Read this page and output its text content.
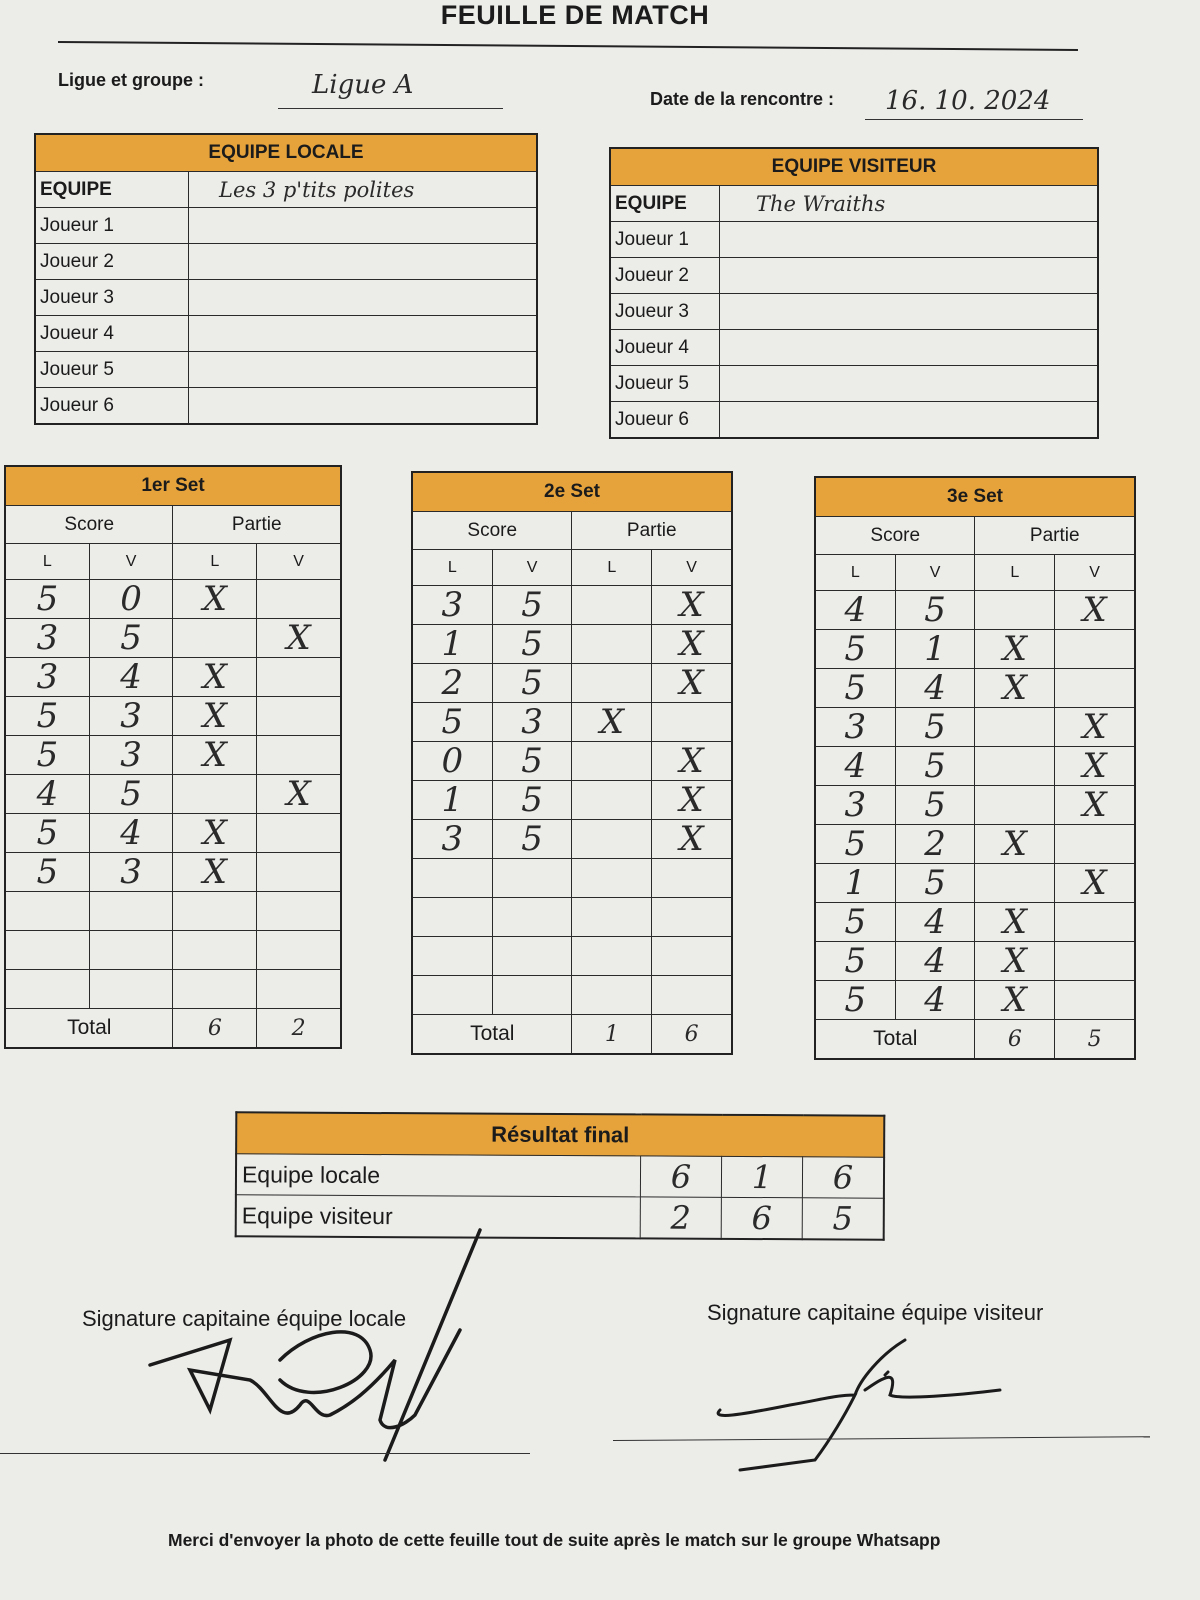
FEUILLE DE MATCH
Ligue et groupe :	Ligue A	Date de la rencontre : 16. 10. 2024
EQUIPE LOCALE	
EQUIPE	Les 3 p'tits polites
Joueur 1	
Joueur 2	
Joueur 3	
Joueur 4	
Joueur 5	
Joueur 6	
EQUIPE VISITEUR	
EQUIPE	The Wraiths
Joueur 1	
Joueur 2	
Joueur 3	
Joueur 4	
Joueur 5	
Joueur 6	
1er Set			
Score		Partie	
L	V	L	V
5	0	X	
3	5		X
3	4	X	
5	3	X	
5	3	X	
4	5		X
5	4	X	
5	3	X	

Total		6	2
2e Set			
Score		Partie	
L	V	L	V
3	5		X
1	5		X
2	5		X
5	3	X	
0	5		X
1	5		X
3	5		X

Total		1	6
3e Set			
Score		Partie	
L	V	L	V
4	5		X
5	1	X	
5	4	X	
3	5		X
4	5		X
3	5		X
5	2	X	
1	5		X
5	4	X	
5	4	X	
5	4	X	
Total		6	5
Résultat final			
Equipe locale	6	1	6
Equipe visiteur	2	6	5
Signature capitaine équipe locale	Signature capitaine équipe visiteur
Merci d'envoyer la photo de cette feuille tout de suite après le match sur le groupe Whatsapp
